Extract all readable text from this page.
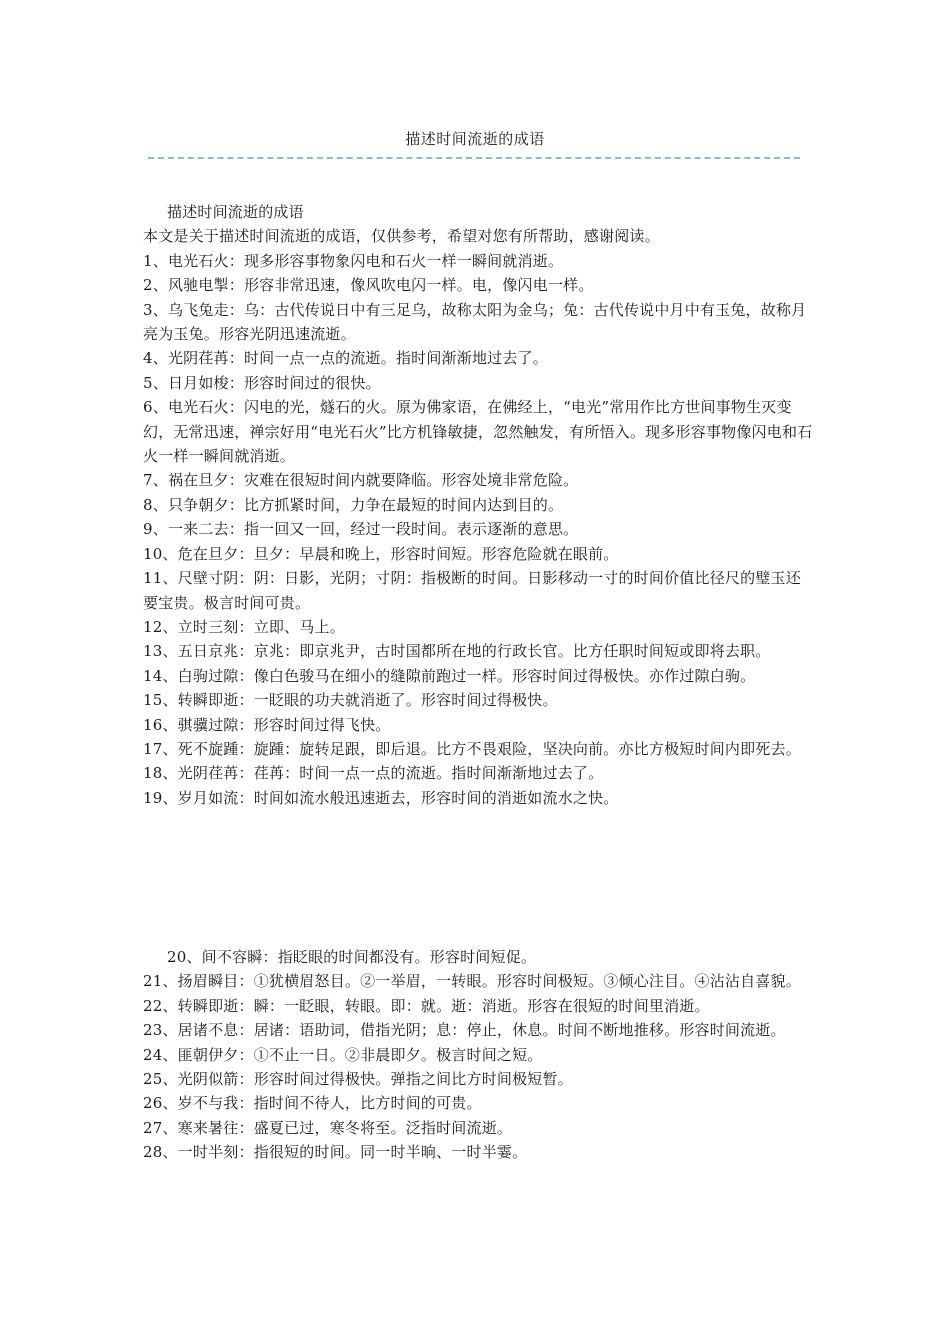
描述时间流逝的成语

描述时间流逝的成语

本文是关于描述时间流逝的成语，仅供参考，希望对您有所帮助，感谢阅读。

1、电光石火：现多形容事物象闪电和石火一样一瞬间就消逝。

2、风驰电掣：形容非常迅速，像风吹电闪一样。电，像闪电一样。

3、乌飞兔走：乌：古代传说日中有三足乌，故称太阳为金乌；兔：古代传说中月中有玉兔，故称月亮为玉兔。形容光阴迅速流逝。

4、光阴荏苒：时间一点一点的流逝。指时间渐渐地过去了。

5、日月如梭：形容时间过的很快。

6、电光石火：闪电的光，燧石的火。原为佛家语，在佛经上，“电光”常用作比方世间事物生灭变幻，无常迅速，禅宗好用“电光石火”比方机锋敏捷，忽然触发，有所悟入。现多形容事物像闪电和石火一样一瞬间就消逝。

7、祸在旦夕：灾难在很短时间内就要降临。形容处境非常危险。

8、只争朝夕：比方抓紧时间，力争在最短的时间内达到目的。

9、一来二去：指一回又一回，经过一段时间。表示逐渐的意思。

10、危在旦夕：旦夕：早晨和晚上，形容时间短。形容危险就在眼前。

11、尺壁寸阴：阴：日影，光阴；寸阴：指极断的时间。日影移动一寸的时间价值比径尺的璧玉还要宝贵。极言时间可贵。

12、立时三刻：立即、马上。

13、五日京兆：京兆：即京兆尹，古时国都所在地的行政长官。比方任职时间短或即将去职。

14、白驹过隙：像白色骏马在细小的缝隙前跑过一样。形容时间过得极快。亦作过隙白驹。

15、转瞬即逝：一眨眼的功夫就消逝了。形容时间过得极快。

16、骐骥过隙：形容时间过得飞快。

17、死不旋踵：旋踵：旋转足跟，即后退。比方不畏艰险，坚决向前。亦比方极短时间内即死去。

18、光阴荏苒：荏苒：时间一点一点的流逝。指时间渐渐地过去了。

19、岁月如流：时间如流水般迅速逝去，形容时间的消逝如流水之快。

20、间不容瞬：指眨眼的时间都没有。形容时间短促。

21、扬眉瞬目：①犹横眉怒目。②一举眉，一转眼。形容时间极短。③倾心注目。④沾沾自喜貌。

22、转瞬即逝：瞬：一眨眼，转眼。即：就。逝：消逝。形容在很短的时间里消逝。

23、居诸不息：居诸：语助词，借指光阴；息：停止，休息。时间不断地推移。形容时间流逝。

24、匪朝伊夕：①不止一日。②非晨即夕。极言时间之短。

25、光阴似箭：形容时间过得极快。弹指之间比方时间极短暂。

26、岁不与我：指时间不待人，比方时间的可贵。

27、寒来暑往：盛夏已过，寒冬将至。泛指时间流逝。

28、一时半刻：指很短的时间。同一时半晌、一时半霎。
